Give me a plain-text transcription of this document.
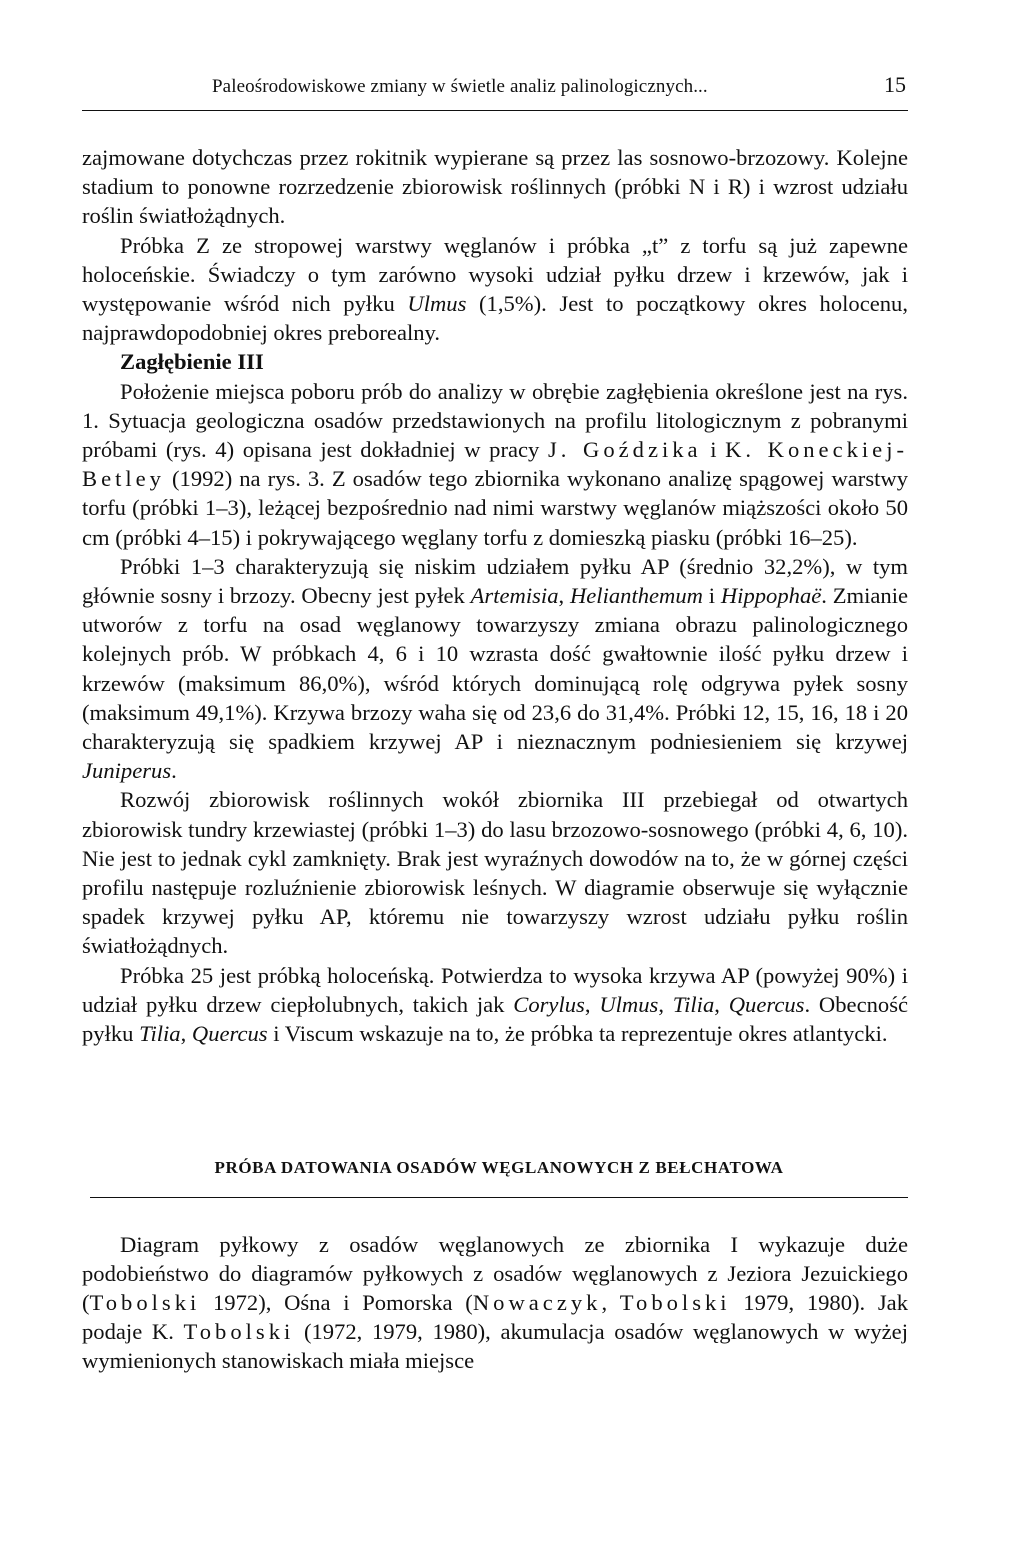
Paleośrodowiskowe zmiany w świetle analiz palinologicznych...	15

zajmowane dotychczas przez rokitnik wypierane są przez las sosnowo-brzozowy. Kolejne stadium to ponowne rozrzedzenie zbiorowisk roślinnych (próbki N i R) i wzrost udziału roślin światłożądnych.

Próbka Z ze stropowej warstwy węglanów i próbka „t” z torfu są już zapewne holoceńskie. Świadczy o tym zarówno wysoki udział pyłku drzew i krzewów, jak i występowanie wśród nich pyłku Ulmus (1,5%). Jest to początkowy okres holocenu, najprawdopodobniej okres preborealny.

Zagłębienie III

Położenie miejsca poboru prób do analizy w obrębie zagłębienia określone jest na rys. 1. Sytuacja geologiczna osadów przedstawionych na profilu litologicznym z pobranymi próbami (rys. 4) opisana jest dokładniej w pracy J. Goździka i K. Koneckiej-Betley (1992) na rys. 3. Z osadów tego zbiornika wykonano analizę spągowej warstwy torfu (próbki 1–3), leżącej bezpośrednio nad nimi warstwy węglanów miąższości około 50 cm (próbki 4–15) i pokrywającego węglany torfu z domieszką piasku (próbki 16–25).

Próbki 1–3 charakteryzują się niskim udziałem pyłku AP (średnio 32,2%), w tym głównie sosny i brzozy. Obecny jest pyłek Artemisia, Helianthemum i Hippophaë. Zmianie utworów z torfu na osad węglanowy towarzyszy zmiana obrazu palinologicznego kolejnych prób. W próbkach 4, 6 i 10 wzrasta dość gwałtownie ilość pyłku drzew i krzewów (maksimum 86,0%), wśród których dominującą rolę odgrywa pyłek sosny (maksimum 49,1%). Krzywa brzozy waha się od 23,6 do 31,4%. Próbki 12, 15, 16, 18 i 20 charakteryzują się spadkiem krzywej AP i nieznacznym podniesieniem się krzywej Juniperus.

Rozwój zbiorowisk roślinnych wokół zbiornika III przebiegał od otwartych zbiorowisk tundry krzewiastej (próbki 1–3) do lasu brzozowo-sosnowego (próbki 4, 6, 10). Nie jest to jednak cykl zamknięty. Brak jest wyraźnych dowodów na to, że w górnej części profilu następuje rozluźnienie zbiorowisk leśnych. W diagramie obserwuje się wyłącznie spadek krzywej pyłku AP, któremu nie towarzyszy wzrost udziału pyłku roślin światłożądnych.

Próbka 25 jest próbką holoceńską. Potwierdza to wysoka krzywa AP (powyżej 90%) i udział pyłku drzew ciepłolubnych, takich jak Corylus, Ulmus, Tilia, Quercus. Obecność pyłku Tilia, Quercus i Viscum wskazuje na to, że próbka ta reprezentuje okres atlantycki.

PRÓBA DATOWANIA OSADÓW WĘGLANOWYCH Z BEŁCHATOWA

Diagram pyłkowy z osadów węglanowych ze zbiornika I wykazuje duże podobieństwo do diagramów pyłkowych z osadów węglanowych z Jeziora Jezuickiego (Tobolski 1972), Ośna i Pomorska (Nowaczyk, Tobolski 1979, 1980). Jak podaje K. Tobolski (1972, 1979, 1980), akumulacja osadów węglanowych w wyżej wymienionych stanowiskach miała miejsce
